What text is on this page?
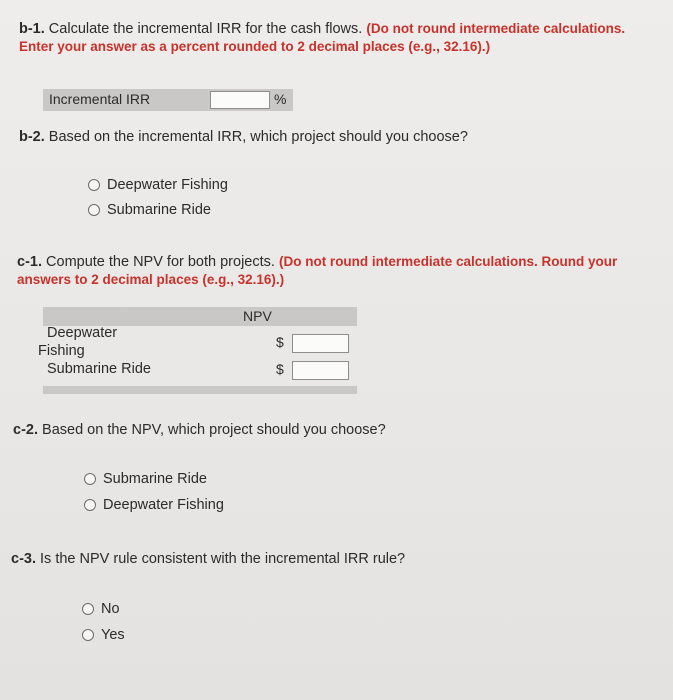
b-1. Calculate the incremental IRR for the cash flows. (Do not round intermediate calculations. Enter your answer as a percent rounded to 2 decimal places (e.g., 32.16).)
Incremental IRR	%
b-2. Based on the incremental IRR, which project should you choose?
Deepwater Fishing
Submarine Ride
c-1. Compute the NPV for both projects. (Do not round intermediate calculations. Round your answers to 2 decimal places (e.g., 32.16).)
NPV
Deepwater
Fishing
$
Submarine Ride	$
c-2. Based on the NPV, which project should you choose?
Submarine Ride
Deepwater Fishing
c-3. Is the NPV rule consistent with the incremental IRR rule?
No
Yes
